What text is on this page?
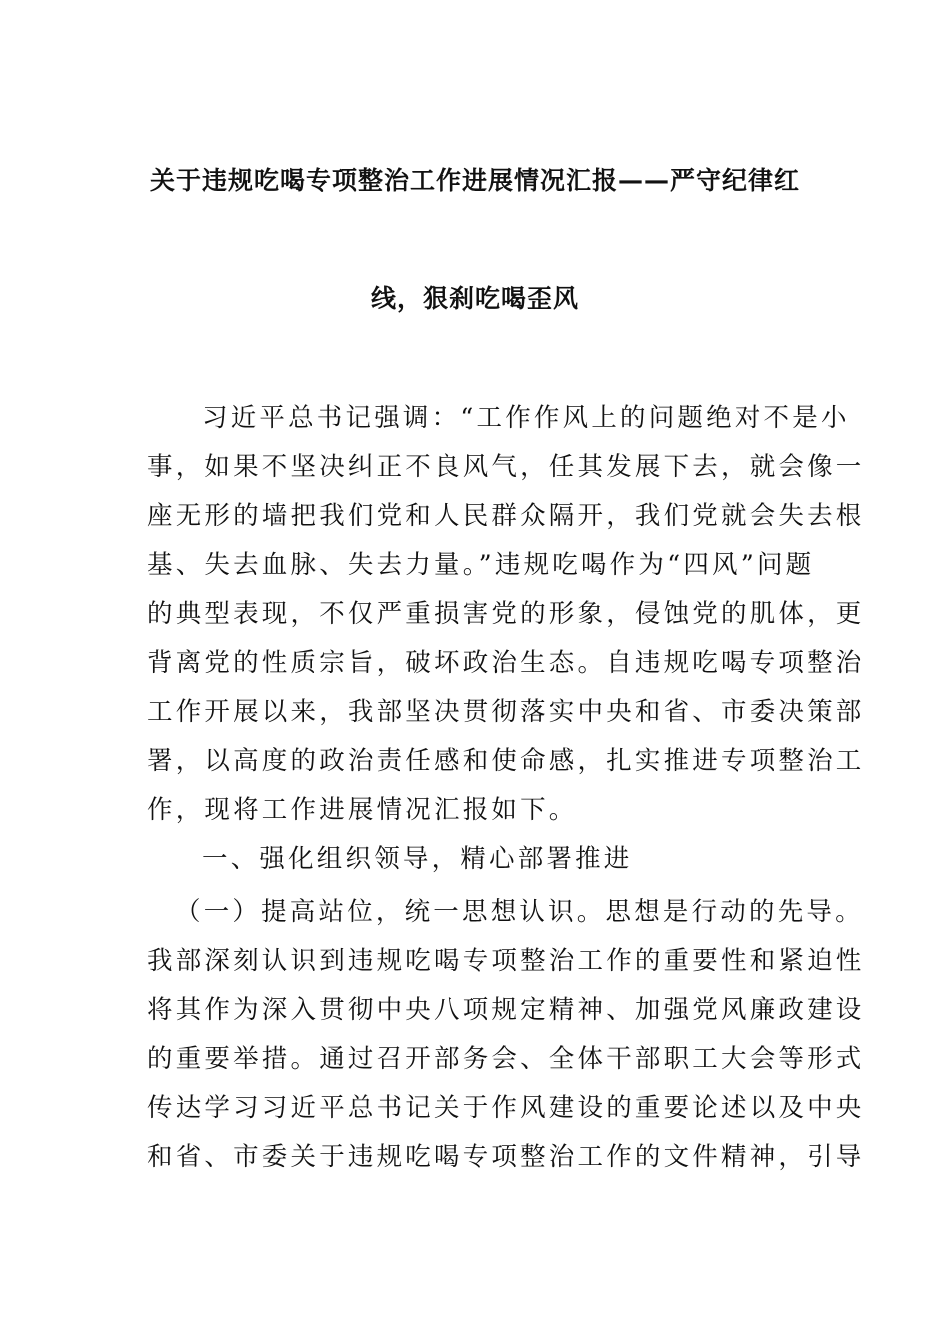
关于违规吃喝专项整治工作进展情况汇报——严守纪律红
线，狠刹吃喝歪风
习近平总书记强调：“工作作风上的问题绝对不是小
事，如果不坚决纠正不良风气，任其发展下去，就会像一
座无形的墙把我们党和人民群众隔开，我们党就会失去根
基、失去血脉、失去力量。”违规吃喝作为“四风”问题
的典型表现，不仅严重损害党的形象，侵蚀党的肌体，更
背离党的性质宗旨，破坏政治生态。自违规吃喝专项整治
工作开展以来，我部坚决贯彻落实中央和省、市委决策部
署，以高度的政治责任感和使命感，扎实推进专项整治工
作，现将工作进展情况汇报如下。
一、强化组织领导，精心部署推进
（一）提高站位，统一思想认识。思想是行动的先导。
我部深刻认识到违规吃喝专项整治工作的重要性和紧迫性
将其作为深入贯彻中央八项规定精神、加强党风廉政建设
的重要举措。通过召开部务会、全体干部职工大会等形式
传达学习习近平总书记关于作风建设的重要论述以及中央
和省、市委关于违规吃喝专项整治工作的文件精神，引导
